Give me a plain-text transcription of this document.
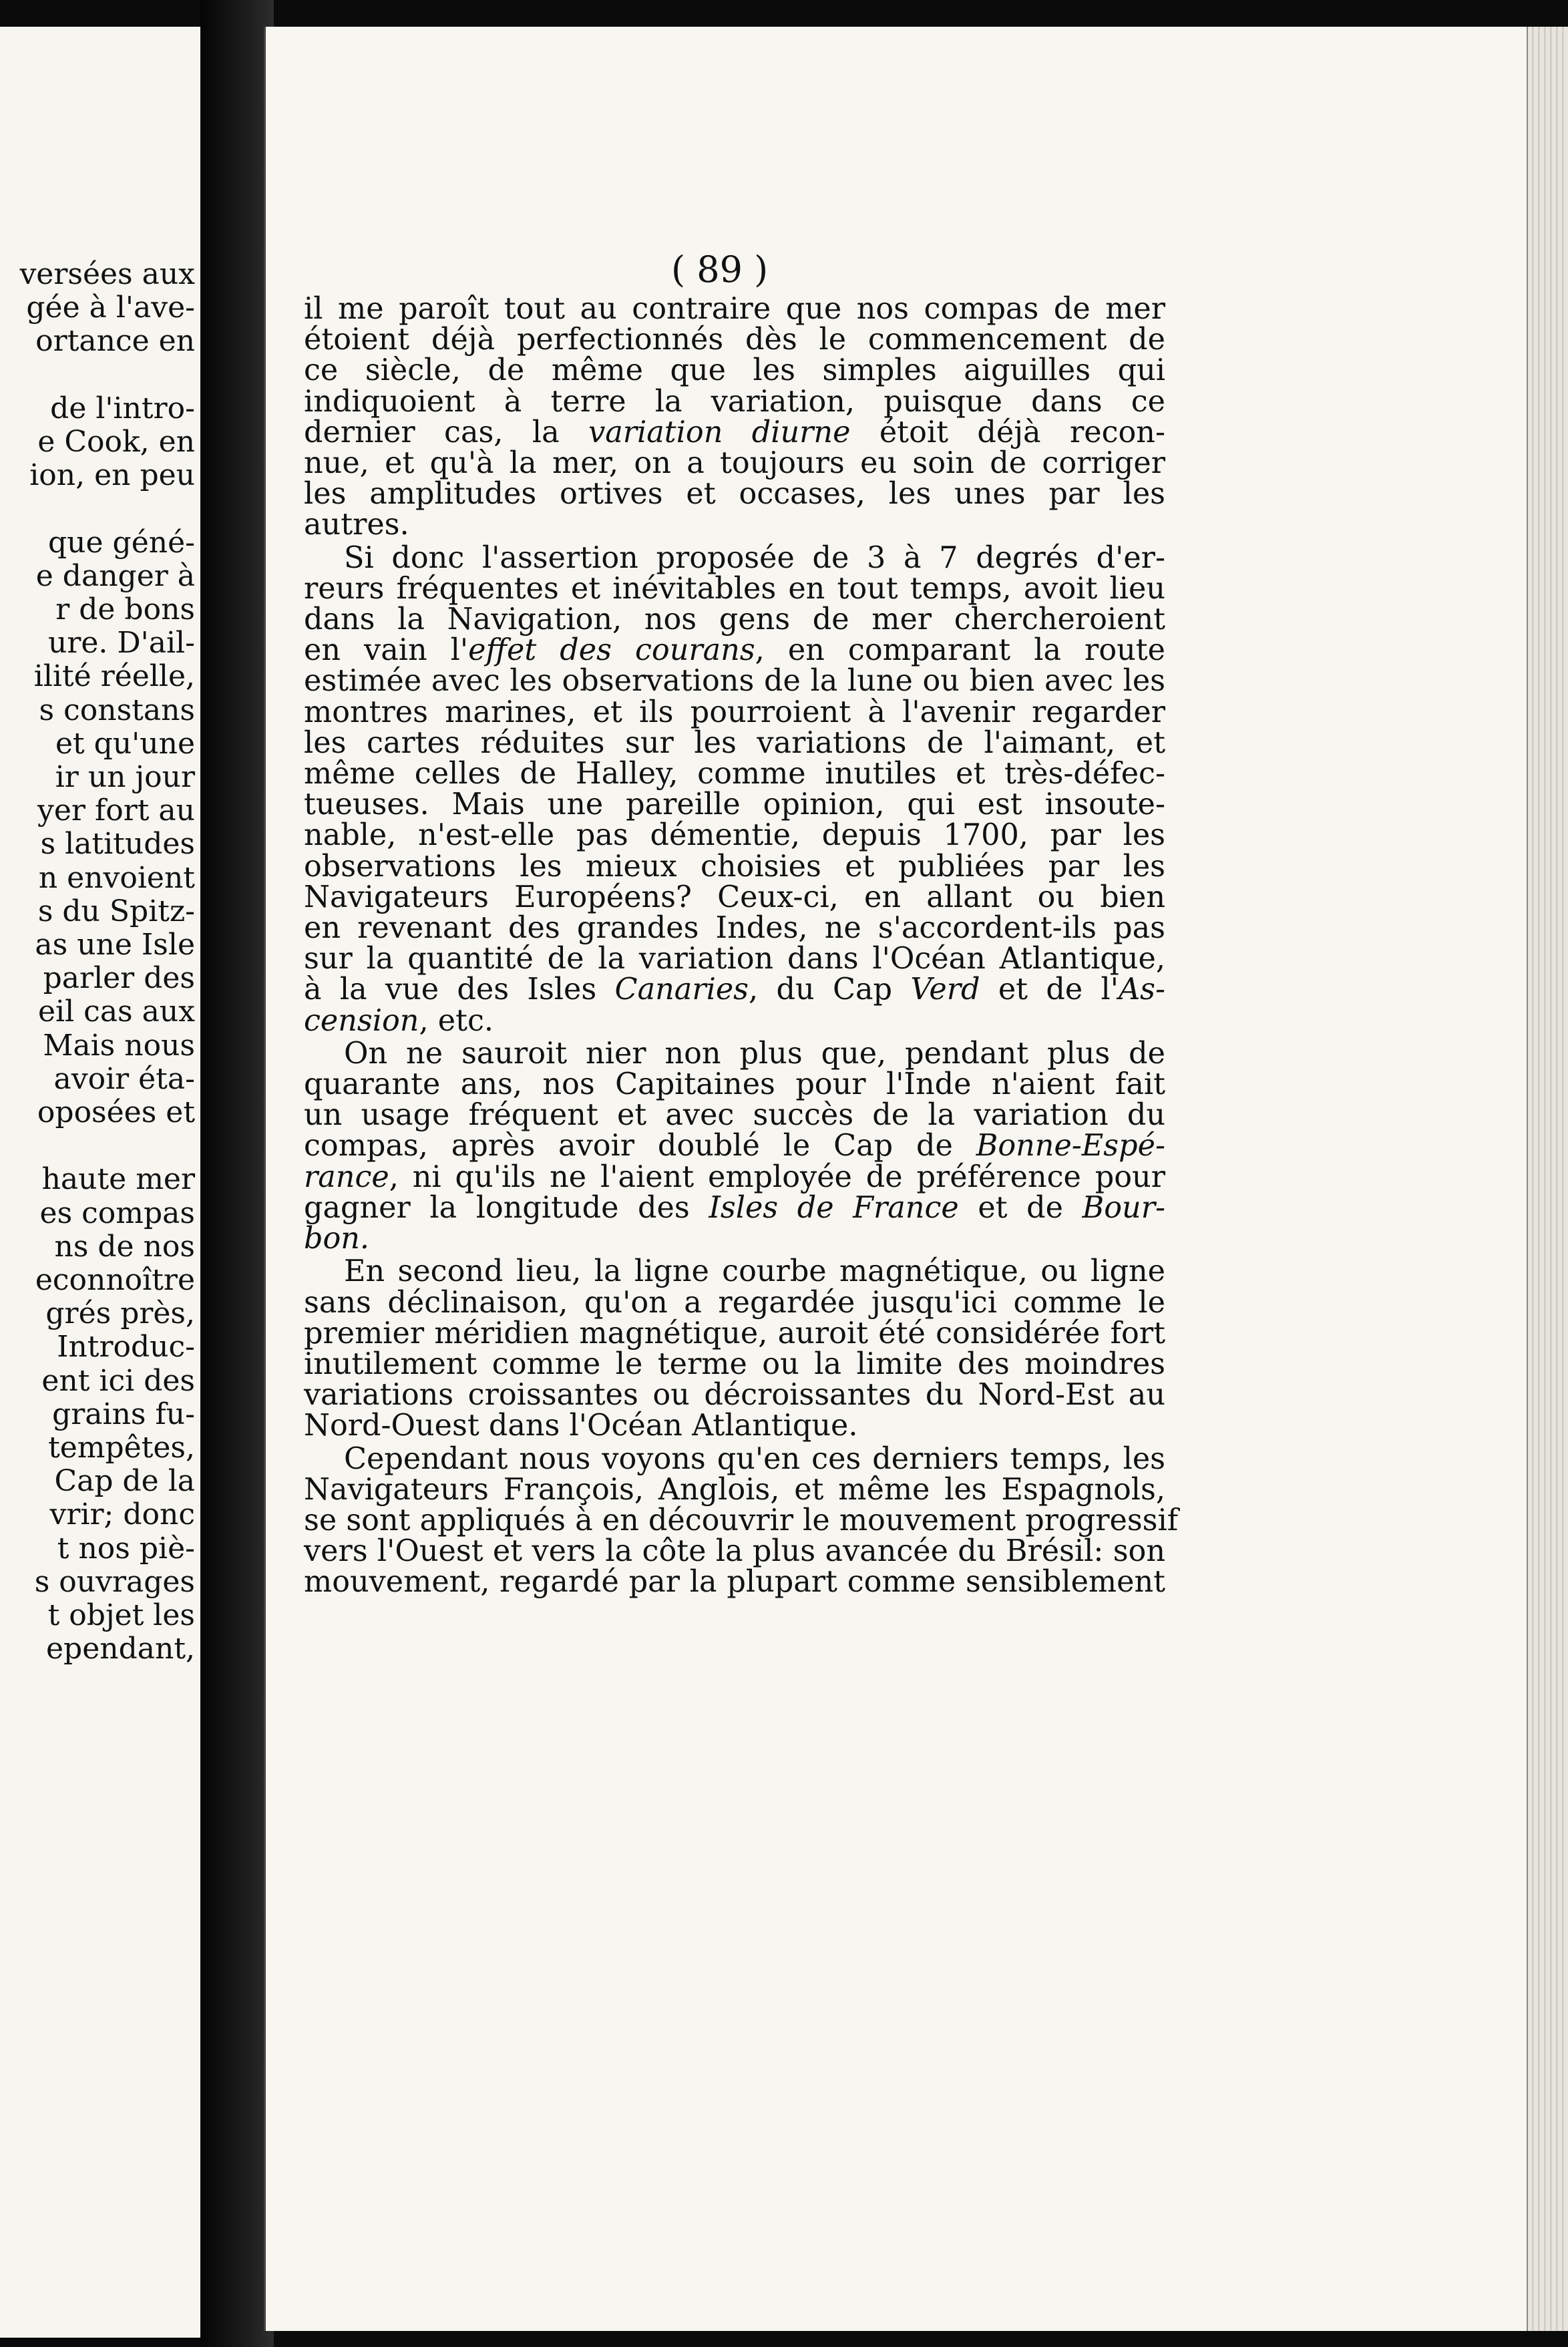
versées aux
gée à l'ave-
ortance en
de l'intro-
e Cook, en
ion, en peu
que géné-
e danger à
r de bons
ure. D'ail-
ilité réelle,
s constans
et qu'une
ir un jour
yer fort au
s latitudes
n envoient
s du Spitz-
as une Isle
parler des
eil cas aux
Mais nous
avoir éta-
oposées et
haute mer
es compas
ns de nos
econnoître
grés près,
Introduc-
ent ici des
grains fu-
tempêtes,
Cap de la
vrir; donc
t nos piè-
s ouvrages
t objet les
ependant,
( 89 )
il me paroît tout au contraire que nos compas de mer
étoient déjà perfectionnés dès le commencement de
ce siècle, de même que les simples aiguilles qui
indiquoient à terre la variation, puisque dans ce
dernier cas, la variation diurne étoit déjà recon-
nue, et qu'à la mer, on a toujours eu soin de corriger
les amplitudes ortives et occases, les unes par les
autres.
Si donc l'assertion proposée de 3 à 7 degrés d'er-
reurs fréquentes et inévitables en tout temps, avoit lieu
dans la Navigation, nos gens de mer chercheroient
en vain l'effet des courans, en comparant la route
estimée avec les observations de la lune ou bien avec les
montres marines, et ils pourroient à l'avenir regarder
les cartes réduites sur les variations de l'aimant, et
même celles de Halley, comme inutiles et très-défec-
tueuses. Mais une pareille opinion, qui est insoute-
nable, n'est-elle pas démentie, depuis 1700, par les
observations les mieux choisies et publiées par les
Navigateurs Européens? Ceux-ci, en allant ou bien
en revenant des grandes Indes, ne s'accordent-ils pas
sur la quantité de la variation dans l'Océan Atlantique,
à la vue des Isles Canaries, du Cap Verd et de l'As-
cension, etc.
On ne sauroit nier non plus que, pendant plus de
quarante ans, nos Capitaines pour l'Inde n'aient fait
un usage fréquent et avec succès de la variation du
compas, après avoir doublé le Cap de Bonne-Espé-
rance, ni qu'ils ne l'aient employée de préférence pour
gagner la longitude des Isles de France et de Bour-
bon.
En second lieu, la ligne courbe magnétique, ou ligne
sans déclinaison, qu'on a regardée jusqu'ici comme le
premier méridien magnétique, auroit été considérée fort
inutilement comme le terme ou la limite des moindres
variations croissantes ou décroissantes du Nord-Est au
Nord-Ouest dans l'Océan Atlantique.
Cependant nous voyons qu'en ces derniers temps, les
Navigateurs François, Anglois, et même les Espagnols,
se sont appliqués à en découvrir le mouvement progressif
vers l'Ouest et vers la côte la plus avancée du Brésil: son
mouvement, regardé par la plupart comme sensiblement
